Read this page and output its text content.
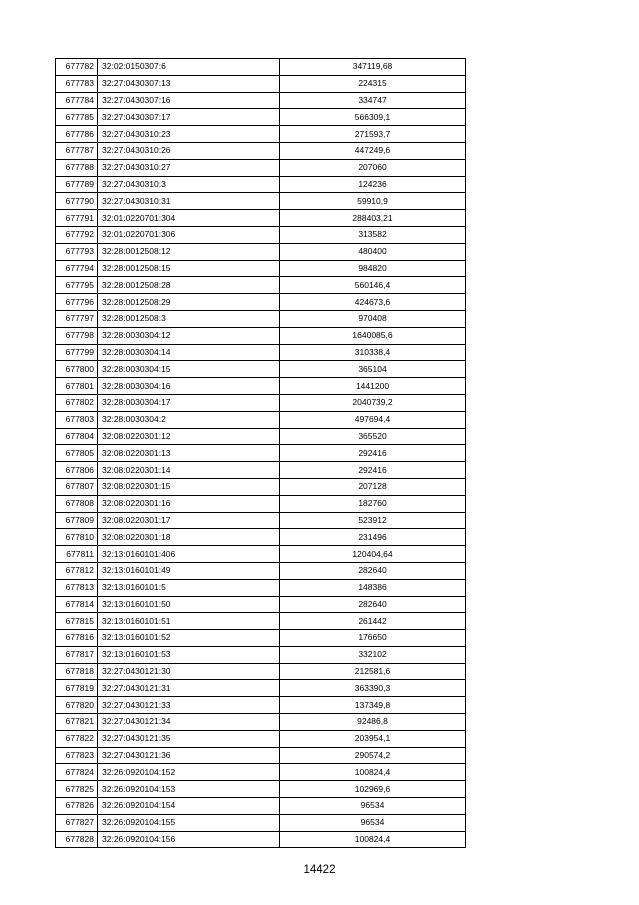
677782	32:02:0150307:6	347119,68
677783	32:27:0430307:13	224315
677784	32:27:0430307:16	334747
677785	32:27:0430307:17	566309,1
677786	32:27:0430310:23	271593,7
677787	32:27:0430310:26	447249,6
677788	32:27:0430310:27	207060
677789	32:27:0430310:3	124236
677790	32:27:0430310:31	59910,9
677791	32:01:0220701:304	288403,21
677792	32:01:0220701:306	313582
677793	32:28:0012508:12	480400
677794	32:28:0012508:15	984820
677795	32:28:0012508:28	560146,4
677796	32:28:0012508:29	424673,6
677797	32:28:0012508:3	970408
677798	32:28:0030304:12	1640085,6
677799	32:28:0030304:14	310338,4
677800	32:28:0030304:15	365104
677801	32:28:0030304:16	1441200
677802	32:28:0030304:17	2040739,2
677803	32:28:0030304:2	497694,4
677804	32:08:0220301:12	365520
677805	32:08:0220301:13	292416
677806	32:08:0220301:14	292416
677807	32:08:0220301:15	207128
677808	32:08:0220301:16	182760
677809	32:08:0220301:17	523912
677810	32:08:0220301:18	231496
677811	32:13:0160101:406	120404,64
677812	32:13:0160101:49	282640
677813	32:13:0160101:5	148386
677814	32:13:0160101:50	282640
677815	32:13:0160101:51	261442
677816	32:13:0160101:52	176650
677817	32:13:0160101:53	332102
677818	32:27:0430121:30	212581,6
677819	32:27:0430121:31	363390,3
677820	32:27:0430121:33	137349,8
677821	32:27:0430121:34	92486,8
677822	32:27:0430121:35	203954,1
677823	32:27:0430121:36	290574,2
677824	32:26:0920104:152	100824,4
677825	32:26:0920104:153	102969,6
677826	32:26:0920104:154	96534
677827	32:26:0920104:155	96534
677828	32:26:0920104:156	100824,4
14422
